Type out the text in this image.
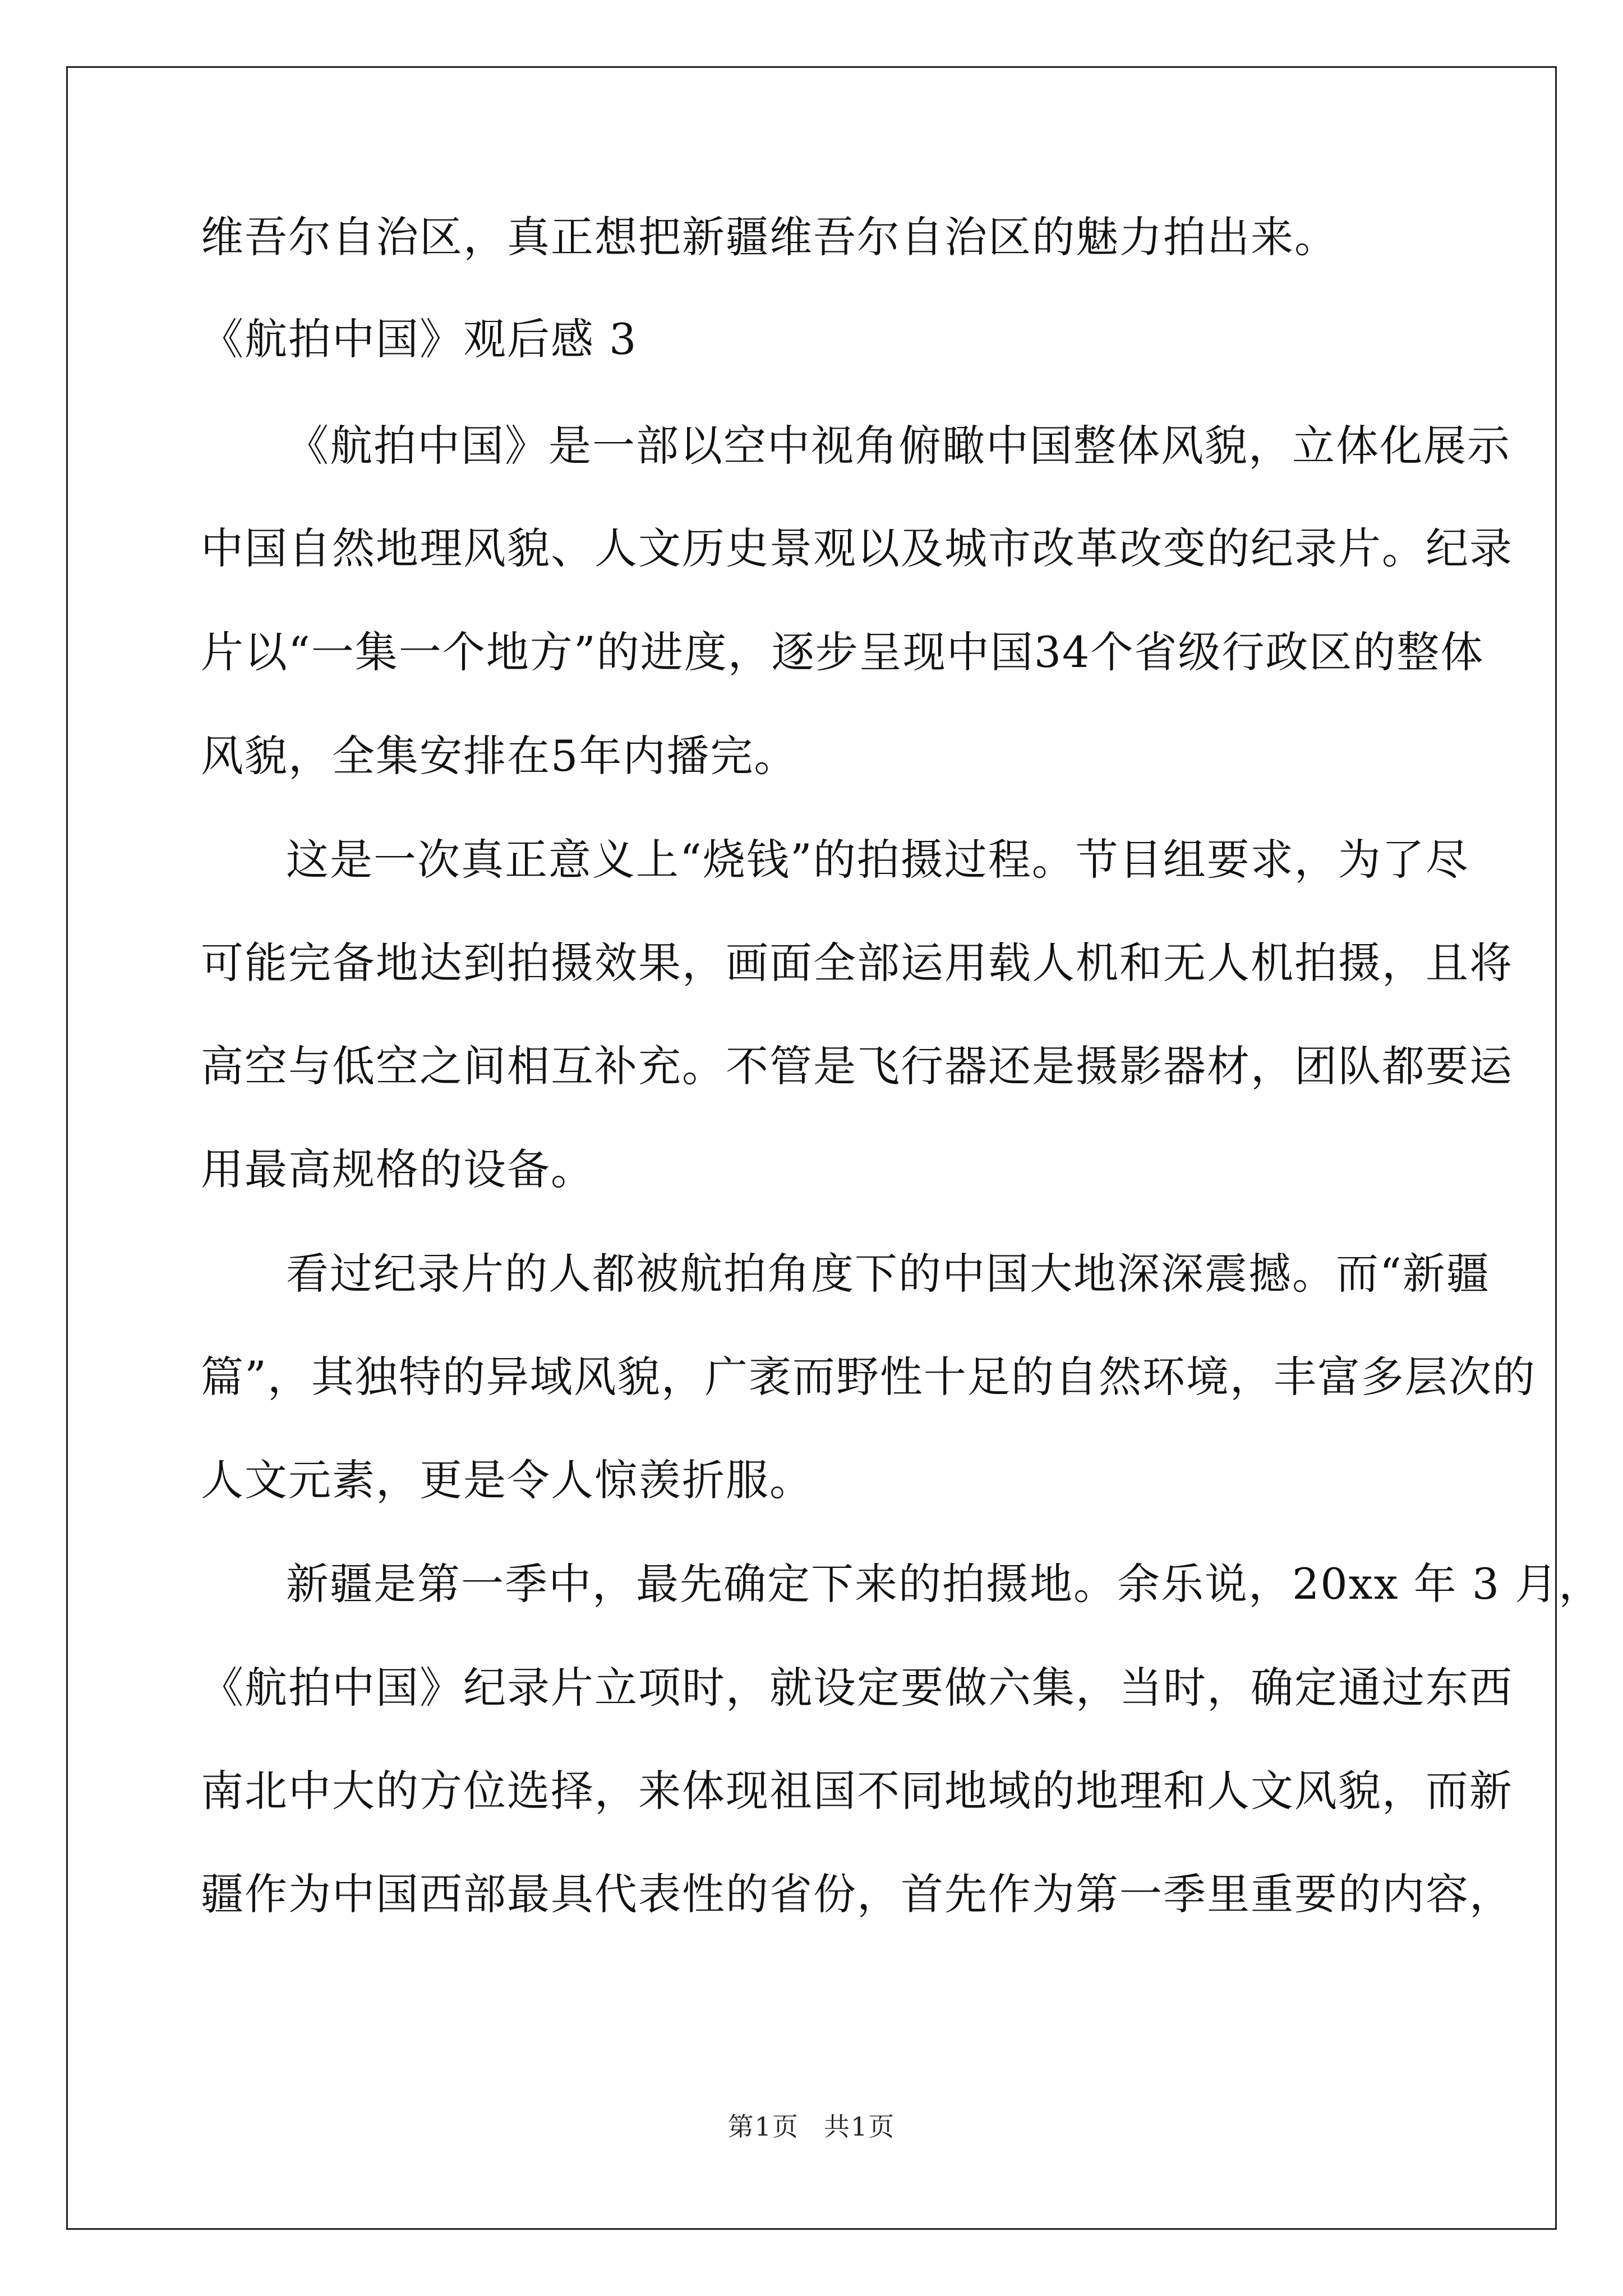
维吾尔自治区，真正想把新疆维吾尔自治区的魅力拍出来。
《航拍中国》观后感 3
《航拍中国》是一部以空中视角俯瞰中国整体风貌，立体化展示
中国自然地理风貌、人文历史景观以及城市改革改变的纪录片。纪录
片以“一集一个地方”的进度，逐步呈现中国34个省级行政区的整体
风貌，全集安排在5年内播完。
这是一次真正意义上“烧钱”的拍摄过程。节目组要求，为了尽
可能完备地达到拍摄效果，画面全部运用载人机和无人机拍摄，且将
高空与低空之间相互补充。不管是飞行器还是摄影器材，团队都要运
用最高规格的设备。
看过纪录片的人都被航拍角度下的中国大地深深震撼。而“新疆
篇”，其独特的异域风貌，广袤而野性十足的自然环境，丰富多层次的
人文元素，更是令人惊羡折服。
新疆是第一季中，最先确定下来的拍摄地。余乐说，20xx 年 3 月，
《航拍中国》纪录片立项时，就设定要做六集，当时，确定通过东西
南北中大的方位选择，来体现祖国不同地域的地理和人文风貌，而新
疆作为中国西部最具代表性的省份，首先作为第一季里重要的内容，
第1页 共1页
